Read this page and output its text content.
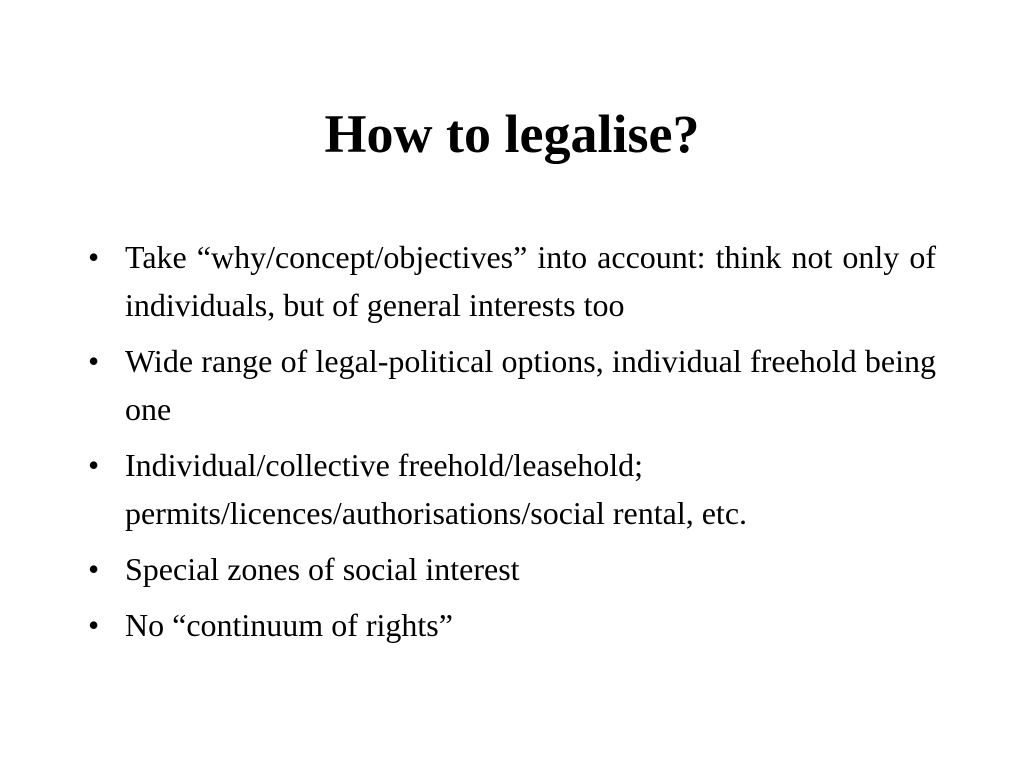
How to legalise?
• Take “why/concept/objectives” into account: think not only of individuals, but of general interests too
• Wide range of legal-political options, individual freehold being one
• Individual/collective freehold/leasehold; permits/licences/authorisations/social rental, etc.
• Special zones of social interest
• No “continuum of rights”
